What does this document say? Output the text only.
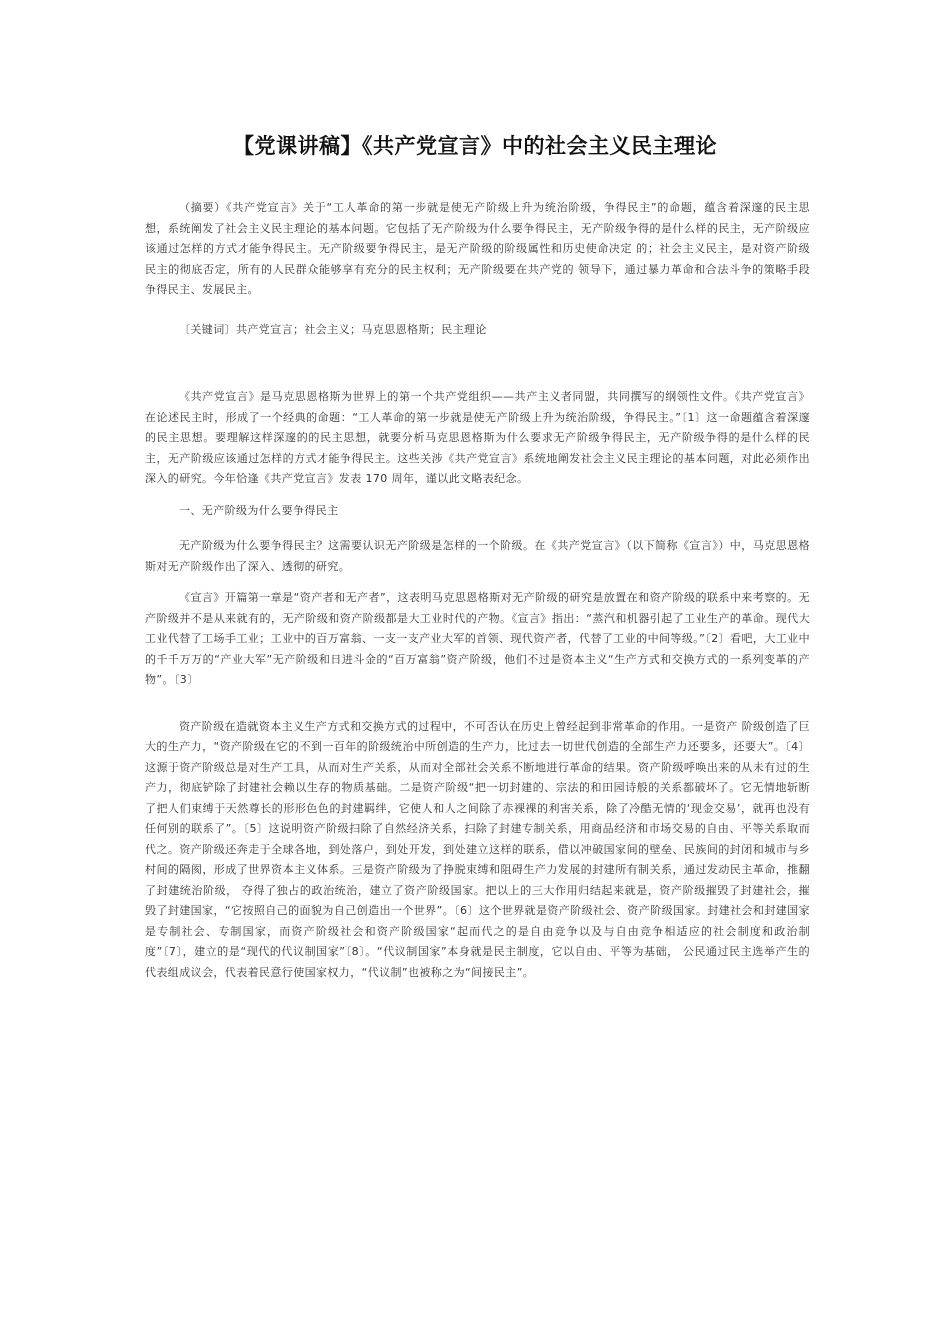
【党课讲稿】《共产党宣言》中的社会主义民主理论

（摘要）《共产党宣言》关于“工人革命的第一步就是使无产阶级上升为统治阶级，争得民主”的命题，蕴含着深邃的民主思想，系统阐发了社会主义民主理论的基本问题。它包括了无产阶级为什么要争得民主，无产阶级争得的是什么样的民主，无产阶级应该通过怎样的方式才能争得民主。无产阶级要争得民主，是无产阶级的阶级属性和历史使命决定 的；社会主义民主，是对资产阶级民主的彻底否定，所有的人民群众能够享有充分的民主权利；无产阶级要在共产党的 领导下，通过暴力革命和合法斗争的策略手段争得民主、发展民主。

〔关键词〕共产党宣言；社会主义；马克思恩格斯；民主理论

《共产党宣言》是马克思恩格斯为世界上的第一个共产党组织——共产主义者同盟，共同撰写的纲领性文件。《共产党宣言》在论述民主时，形成了一个经典的命题：“工人革命的第一步就是使无产阶级上升为统治阶级，争得民主。”〔1〕这一命题蕴含着深邃的民主思想。要理解这样深邃的的民主思想，就要分析马克思恩格斯为什么要求无产阶级争得民主，无产阶级争得的是什么样的民主，无产阶级应该通过怎样的方式才能争得民主。这些关涉《共产党宣言》系统地阐发社会主义民主理论的基本问题，对此必须作出深入的研究。今年恰逢《共产党宣言》发表 170 周年，谨以此文略表纪念。

一、无产阶级为什么要争得民主

无产阶级为什么要争得民主？这需要认识无产阶级是怎样的一个阶级。在《共产党宣言》（以下简称《宣言》）中，马克思恩格斯对无产阶级作出了深入、透彻的研究。

《宣言》开篇第一章是“资产者和无产者”，这表明马克思恩格斯对无产阶级的研究是放置在和资产阶级的联系中来考察的。无产阶级并不是从来就有的，无产阶级和资产阶级都是大工业时代的产物。《宣言》指出：“蒸汽和机器引起了工业生产的革命。现代大工业代替了工场手工业；工业中的百万富翁、一支一支产业大军的首领、现代资产者，代替了工业的中间等级。”〔2〕看吧，大工业中的千千万万的“产业大军”无产阶级和日进斗金的“百万富翁”资产阶级，他们不过是资本主义“生产方式和交换方式的一系列变革的产物”。〔3〕

资产阶级在造就资本主义生产方式和交换方式的过程中，不可否认在历史上曾经起到非常革命的作用。一是资产 阶级创造了巨大的生产力，“资产阶级在它的不到一百年的阶级统治中所创造的生产力，比过去一切世代创造的全部生产力还要多，还要大”。〔4〕这源于资产阶级总是对生产工具，从而对生产关系，从而对全部社会关系不断地进行革命的结果。资产阶级呼唤出来的从未有过的生产力，彻底铲除了封建社会赖以生存的物质基础。二是资产阶级“把一切封建的、宗法的和田园诗般的关系都破坏了。它无情地斩断了把人们束缚于天然尊长的形形色色的封建羁绊，它使人和人之间除了赤裸裸的利害关系，除了冷酷无情的‘现金交易’，就再也没有任何别的联系了”。〔5〕这说明资产阶级扫除了自然经济关系，扫除了封建专制关系，用商品经济和市场交易的自由、平等关系取而代之。资产阶级还奔走于全球各地，到处落户，到处开发，到处建立这样的联系，借以冲破国家间的壁垒、民族间的封闭和城市与乡村间的隔阂，形成了世界资本主义体系。三是资产阶级为了挣脱束缚和阻碍生产力发展的封建所有制关系，通过发动民主革命，推翻了封建统治阶级， 夺得了独占的政治统治，建立了资产阶级国家。把以上的三大作用归结起来就是，资产阶级摧毁了封建社会，摧毁了封建国家，“它按照自己的面貌为自己创造出一个世界”。〔6〕这个世界就是资产阶级社会、资产阶级国家。封建社会和封建国家是专制社会、专制国家，而资产阶级社会和资产阶级国家“起而代之的是自由竞争以及与自由竞争相适应的社会制度和政治制度”〔7〕，建立的是“现代的代议制国家”〔8〕。“代议制国家”本身就是民主制度，它以自由、平等为基础， 公民通过民主选举产生的代表组成议会，代表着民意行使国家权力，“代议制”也被称之为“间接民主”。
